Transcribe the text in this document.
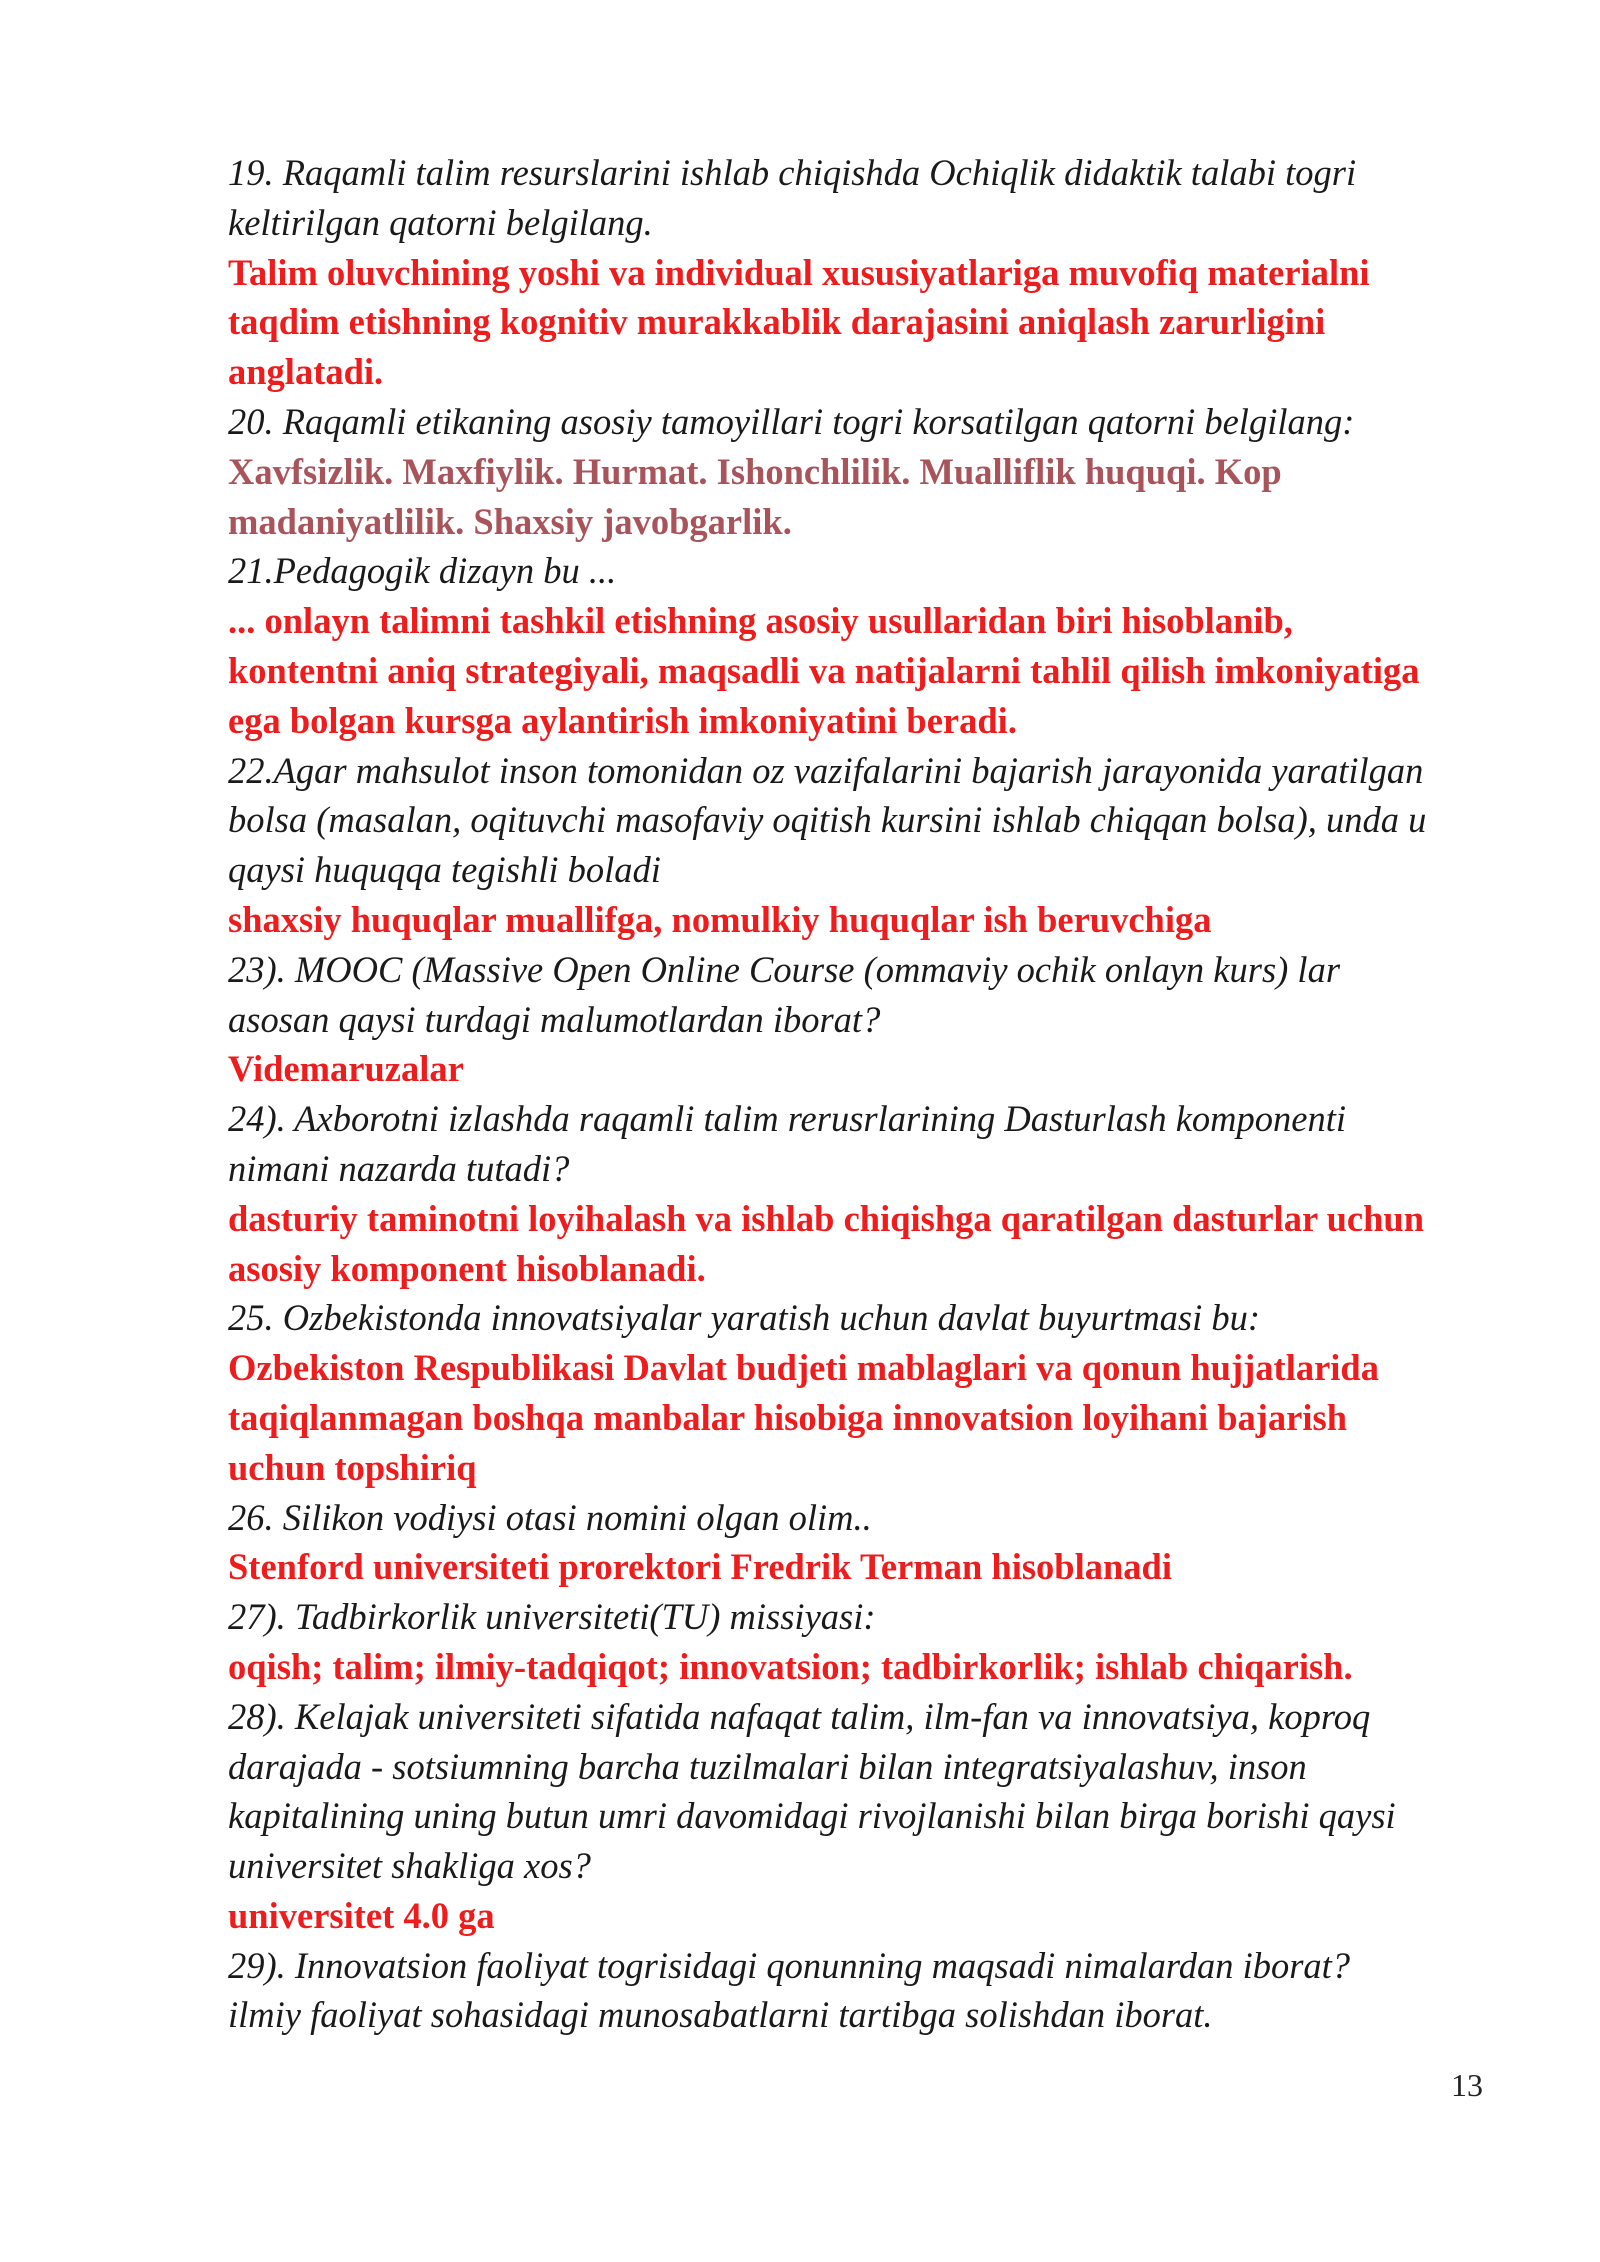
19. Raqamli talim resurslarini ishlab chiqishda Ochiqlik didaktik talabi togri
keltirilgan qatorni belgilang.
Talim oluvchining yoshi va individual xususiyatlariga muvofiq materialni
taqdim etishning kognitiv murakkablik darajasini aniqlash zarurligini
anglatadi.
20. Raqamli etikaning asosiy tamoyillari togri korsatilgan qatorni belgilang:
Xavfsizlik. Maxfiylik. Hurmat. Ishonchlilik. Mualliflik huquqi. Kop
madaniyatlilik. Shaxsiy javobgarlik.
21.Pedagogik dizayn bu ...
... onlayn talimni tashkil etishning asosiy usullaridan biri hisoblanib,
kontentni aniq strategiyali, maqsadli va natijalarni tahlil qilish imkoniyatiga
ega bolgan kursga aylantirish imkoniyatini beradi.
22.Agar mahsulot inson tomonidan oz vazifalarini bajarish jarayonida yaratilgan
bolsa (masalan, oqituvchi masofaviy oqitish kursini ishlab chiqqan bolsa), unda u
qaysi huquqqa tegishli boladi
shaxsiy huquqlar muallifga, nomulkiy huquqlar ish beruvchiga
23). MOOC (Massive Open Online Course (ommaviy ochik onlayn kurs) lar
asosan qaysi turdagi malumotlardan iborat?
Videmaruzalar
24). Axborotni izlashda raqamli talim rerusrlarining Dasturlash komponenti
nimani nazarda tutadi?
dasturiy taminotni loyihalash va ishlab chiqishga qaratilgan dasturlar uchun
asosiy komponent hisoblanadi.
25. Ozbekistonda innovatsiyalar yaratish uchun davlat buyurtmasi bu:
Ozbekiston Respublikasi Davlat budjeti mablaglari va qonun hujjatlarida
taqiqlanmagan boshqa manbalar hisobiga innovatsion loyihani bajarish
uchun topshiriq
26. Silikon vodiysi otasi nomini olgan olim..
Stenford universiteti prorektori Fredrik Terman hisoblanadi
27). Tadbirkorlik universiteti(TU) missiyasi:
oqish; talim; ilmiy-tadqiqot; innovatsion; tadbirkorlik; ishlab chiqarish.
28). Kelajak universiteti sifatida nafaqat talim, ilm-fan va innovatsiya, koproq
darajada - sotsiumning barcha tuzilmalari bilan integratsiyalashuv, inson
kapitalining uning butun umri davomidagi rivojlanishi bilan birga borishi qaysi
universitet shakliga xos?
universitet 4.0 ga
29). Innovatsion faoliyat togrisidagi qonunning maqsadi nimalardan iborat?
ilmiy faoliyat sohasidagi munosabatlarni tartibga solishdan iborat.
13
